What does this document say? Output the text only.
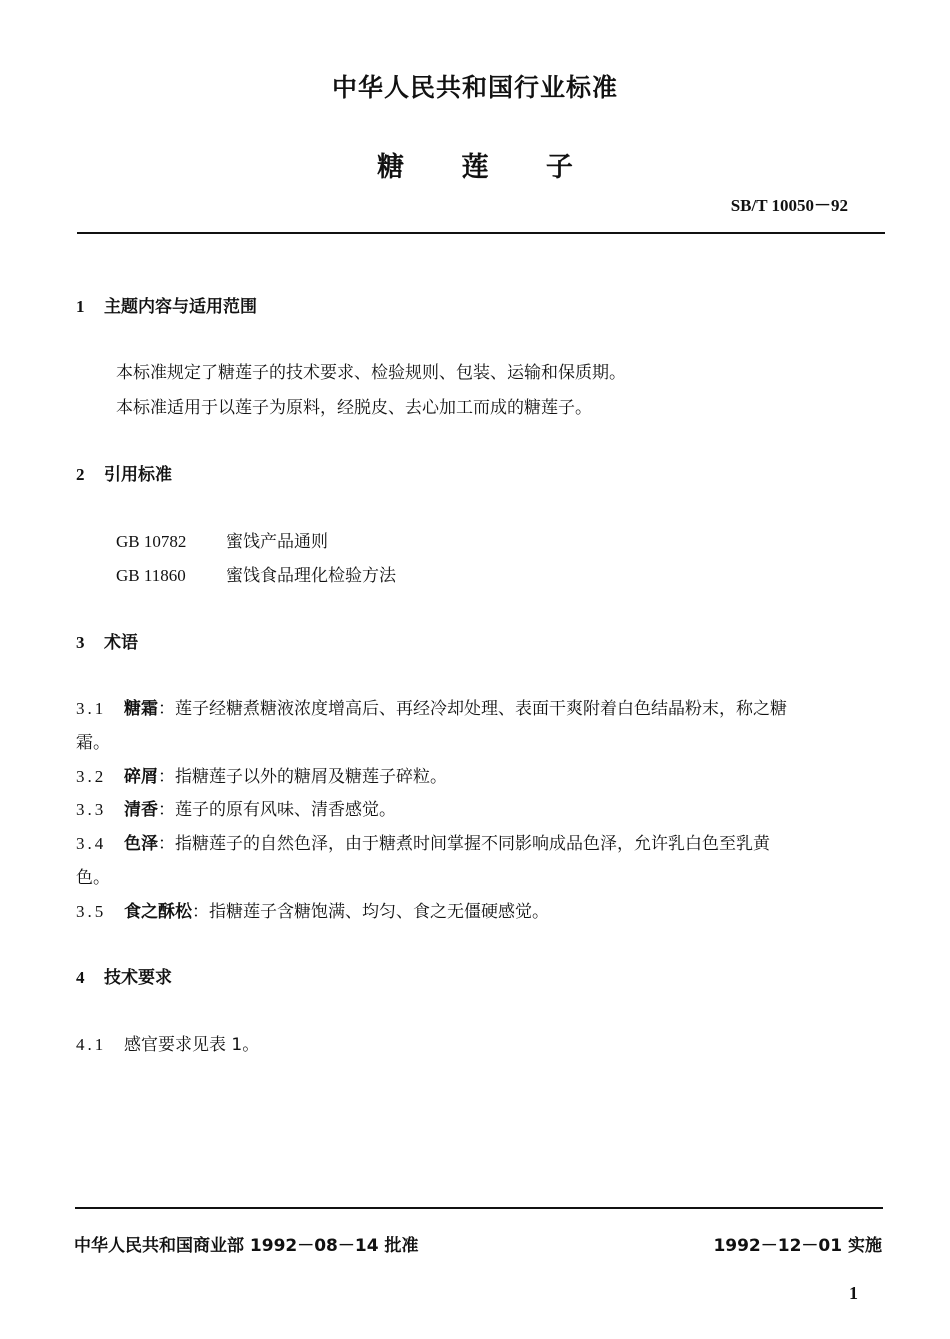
中华人民共和国行业标准
糖 莲 子
SB/T 10050－92
1 主题内容与适用范围
本标准规定了糖莲子的技术要求、检验规则、包装、运输和保质期。
本标准适用于以莲子为原料，经脱皮、去心加工而成的糖莲子。
2 引用标准
GB 10782 蜜饯产品通则
GB 11860 蜜饯食品理化检验方法
3 术语
3.1 糖霜：莲子经糖煮糖液浓度增高后、再经冷却处理、表面干爽附着白色结晶粉末，称之糖
霜。
3.2 碎屑：指糖莲子以外的糖屑及糖莲子碎粒。
3.3 清香：莲子的原有风味、清香感觉。
3.4 色泽：指糖莲子的自然色泽，由于糖煮时间掌握不同影响成品色泽，允许乳白色至乳黄
色。
3.5 食之酥松：指糖莲子含糖饱满、均匀、食之无僵硬感觉。
4 技术要求
4.1 感官要求见表 1。
中华人民共和国商业部 1992－08－14 批准	1992－12－01 实施
1
